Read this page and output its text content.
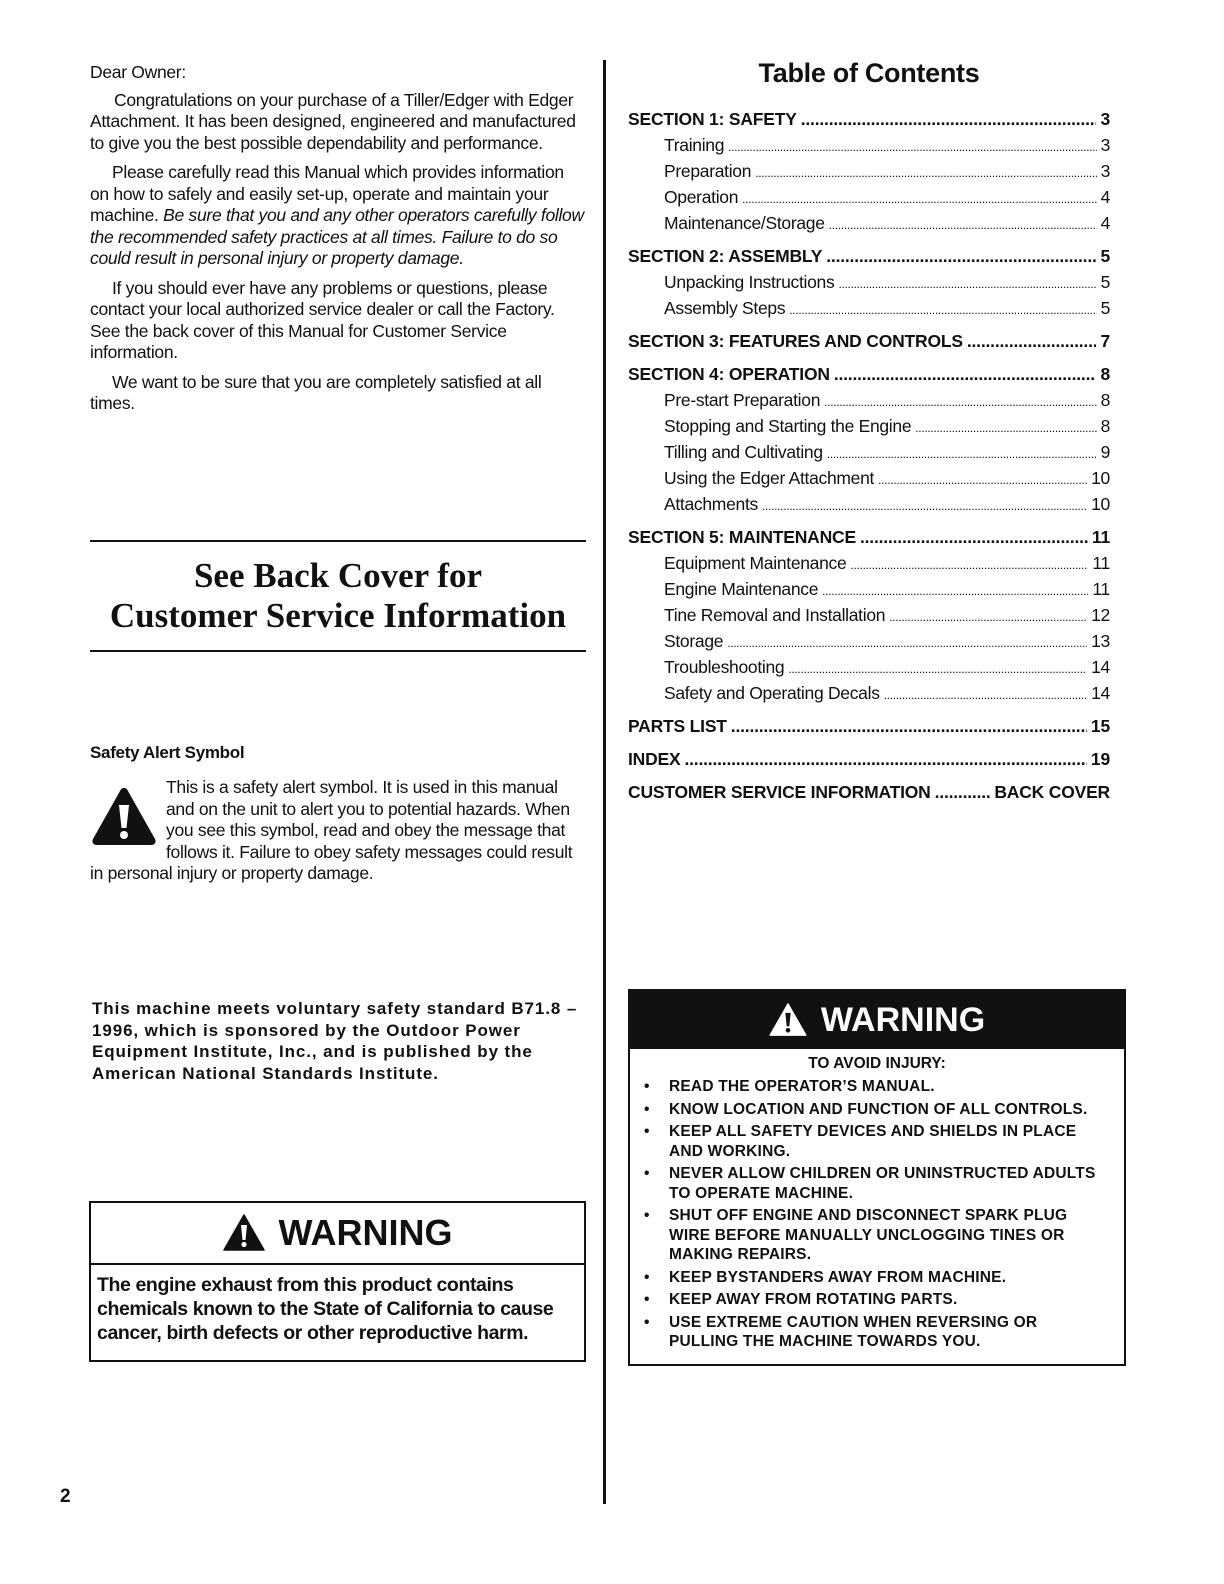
Dear Owner:

Congratulations on your purchase of a Tiller/Edger with Edger Attachment. It has been designed, engineered and manufactured to give you the best possible dependability and performance.

Please carefully read this Manual which provides information on how to safely and easily set-up, operate and maintain your machine. Be sure that you and any other operators carefully follow the recommended safety practices at all times. Failure to do so could result in personal injury or property damage.

If you should ever have any problems or questions, please contact your local authorized service dealer or call the Factory. See the back cover of this Manual for Customer Service information.

We want to be sure that you are completely satisfied at all times.

See Back Cover for
Customer Service Information
Safety Alert Symbol
This is a safety alert symbol. It is used in this manual and on the unit to alert you to potential hazards. When you see this symbol, read and obey the message that follows it. Failure to obey safety messages could result in personal injury or property damage.
This machine meets voluntary safety standard B71.8 – 1996, which is sponsored by the Outdoor Power Equipment Institute, Inc., and is published by the American National Standards Institute.
WARNING
The engine exhaust from this product contains chemicals known to the State of California to cause cancer, birth defects or other reproductive harm.
Table of Contents
SECTION 1: SAFETY .....	3
Training .....	3
Preparation .....	3
Operation .....	4
Maintenance/Storage .....	4
SECTION 2: ASSEMBLY .....	5
Unpacking Instructions .....	5
Assembly Steps .....	5
SECTION 3: FEATURES AND CONTROLS .....	7
SECTION 4: OPERATION .....	8
Pre-start Preparation .....	8
Stopping and Starting the Engine .....	8
Tilling and Cultivating .....	9
Using the Edger Attachment .....	10
Attachments .....	10
SECTION 5: MAINTENANCE .....	11
Equipment Maintenance .....	11
Engine Maintenance .....	11
Tine Removal and Installation .....	12
Storage .....	13
Troubleshooting .....	14
Safety and Operating Decals .....	14
PARTS LIST .....	15
INDEX .....	19
CUSTOMER SERVICE INFORMATION .....	BACK COVER
WARNING
TO AVOID INJURY:
• READ THE OPERATOR’S MANUAL.
• KNOW LOCATION AND FUNCTION OF ALL CONTROLS.
• KEEP ALL SAFETY DEVICES AND SHIELDS IN PLACE AND WORKING.
• NEVER ALLOW CHILDREN OR UNINSTRUCTED ADULTS TO OPERATE MACHINE.
• SHUT OFF ENGINE AND DISCONNECT SPARK PLUG WIRE BEFORE MANUALLY UNCLOGGING TINES OR MAKING REPAIRS.
• KEEP BYSTANDERS AWAY FROM MACHINE.
• KEEP AWAY FROM ROTATING PARTS.
• USE EXTREME CAUTION WHEN REVERSING OR PULLING THE MACHINE TOWARDS YOU.
2
